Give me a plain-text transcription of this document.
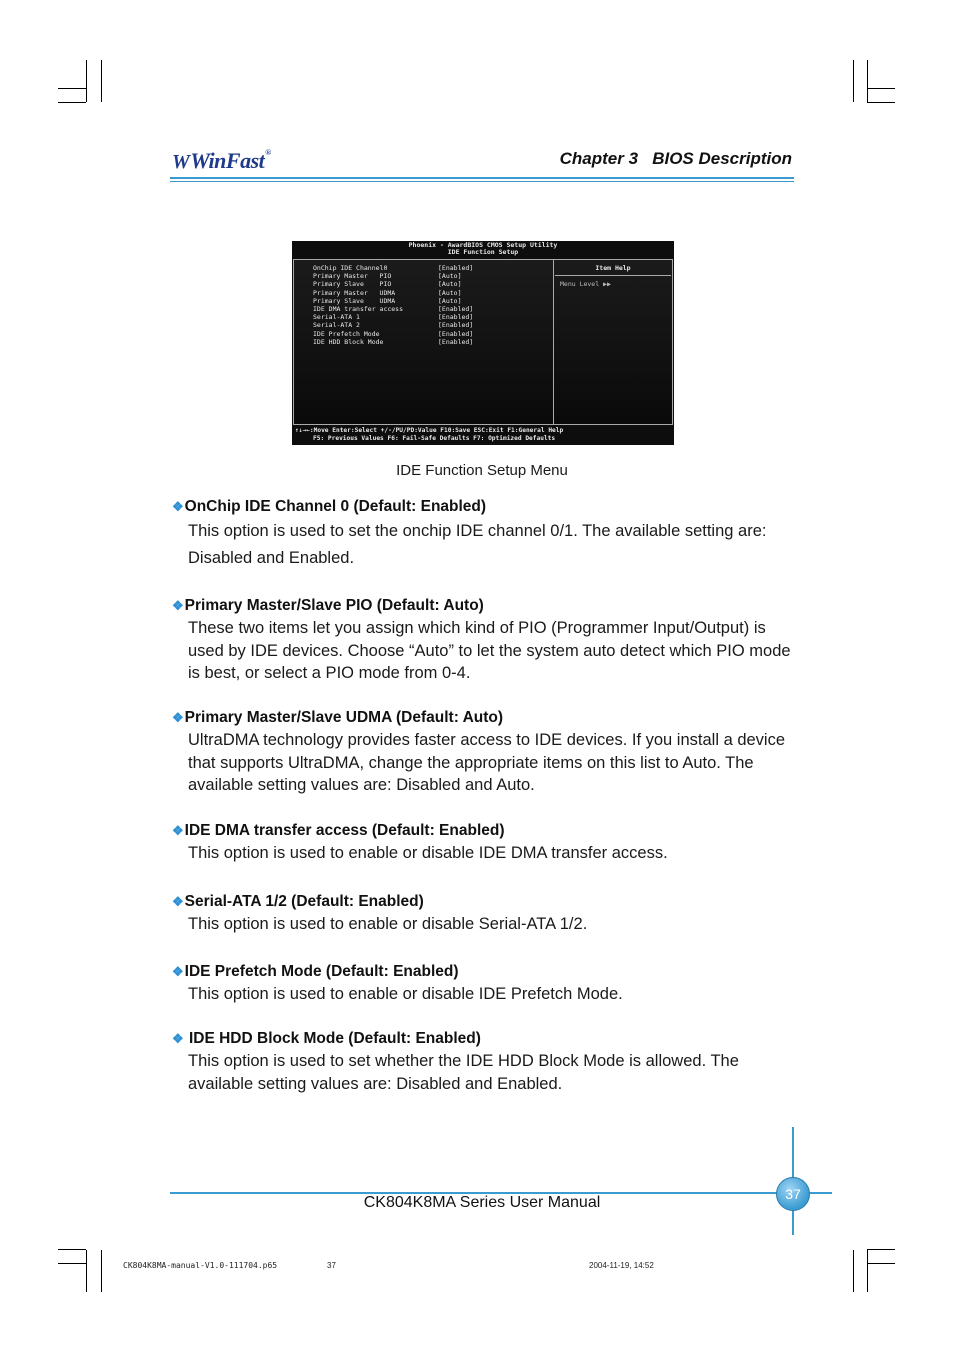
WWinFast®	Chapter 3   BIOS Description
Phoenix - AwardBIOS CMOS Setup Utility
IDE Function Setup
Item Help
Menu Level ▶▶
OnChip IDE Channel0	[Enabled]
Primary Master   PIO	[Auto]
Primary Slave    PIO	[Auto]
Primary Master   UDMA	[Auto]
Primary Slave    UDMA	[Auto]
IDE DMA transfer access	[Enabled]
Serial-ATA 1	[Enabled]
Serial-ATA 2	[Enabled]
IDE Prefetch Mode	[Enabled]
IDE HDD Block Mode	[Enabled]
↑↓→←:Move Enter:Select +/-/PU/PD:Value F10:Save ESC:Exit F1:General Help
F5: Previous Values F6: Fail-Safe Defaults F7: Optimized Defaults
IDE Function Setup Menu
❖OnChip IDE Channel 0 (Default: Enabled)
This option is used to set the onchip IDE channel 0/1. The available setting are: Disabled and Enabled.
❖Primary Master/Slave PIO (Default: Auto)
These two items let you assign which kind of PIO (Programmer Input/Output) is used by IDE devices. Choose “Auto” to let the system auto detect which PIO mode is best, or select a PIO mode from 0-4.
❖Primary Master/Slave UDMA (Default: Auto)
UltraDMA technology provides faster access to IDE devices. If you install a device that supports UltraDMA, change the appropriate items on this list to Auto. The available setting values are: Disabled and Auto.
❖IDE DMA transfer access (Default: Enabled)
This option is used to enable or disable IDE DMA transfer access.
❖Serial-ATA 1/2 (Default: Enabled)
This option is used to enable or disable Serial-ATA 1/2.
❖IDE Prefetch Mode (Default: Enabled)
This option is used to enable or disable IDE Prefetch Mode.
❖ IDE HDD Block Mode (Default: Enabled)
This option is used to set whether the IDE HDD Block Mode is allowed. The available setting values are: Disabled and Enabled.
37
CK804K8MA Series User Manual
CK804K8MA-manual-V1.0-111704.p65	37	2004-11-19, 14:52
